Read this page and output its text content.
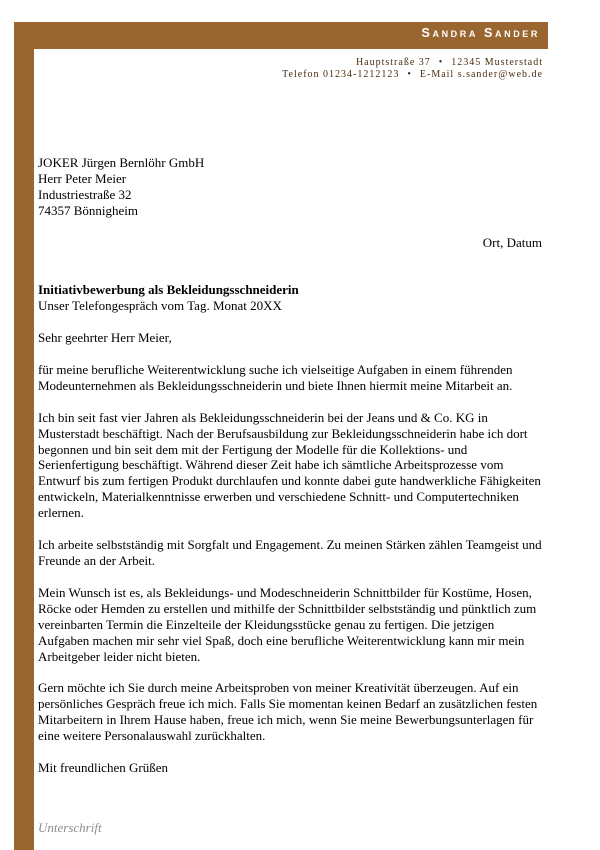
Sandra Sander
Hauptstraße 37 • 12345 Musterstadt
Telefon 01234-1212123 • E-Mail s.sander@web.de
JOKER Jürgen Bernlöhr GmbH
Herr Peter Meier
Industriestraße 32
74357 Bönnigheim
Ort, Datum
Initiativbewerbung als Bekleidungsschneiderin
Unser Telefongespräch vom Tag. Monat 20XX

Sehr geehrter Herr Meier,

für meine berufliche Weiterentwicklung suche ich vielseitige Aufgaben in einem führenden Modeunternehmen als Bekleidungsschneiderin und biete Ihnen hiermit meine Mitarbeit an.

Ich bin seit fast vier Jahren als Bekleidungsschneiderin bei der Jeans und & Co. KG in Musterstadt beschäftigt. Nach der Berufsausbildung zur Bekleidungsschneiderin habe ich dort begonnen und bin seit dem mit der Fertigung der Modelle für die Kollektions- und Serienfertigung beschäftigt. Während dieser Zeit habe ich sämtliche Arbeitsprozesse vom Entwurf bis zum fertigen Produkt durchlaufen und konnte dabei gute handwerkliche Fähigkeiten entwickeln, Materialkenntnisse erwerben und verschiedene Schnitt- und Computertechniken erlernen.

Ich arbeite selbstständig mit Sorgfalt und Engagement. Zu meinen Stärken zählen Teamgeist und Freunde an der Arbeit.

Mein Wunsch ist es, als Bekleidungs- und Modeschneiderin Schnittbilder für Kostüme, Hosen, Röcke oder Hemden zu erstellen und mithilfe der Schnittbilder selbstständig und pünktlich zum vereinbarten Termin die Einzelteile der Kleidungsstücke genau zu fertigen. Die jetzigen Aufgaben machen mir sehr viel Spaß, doch eine berufliche Weiterentwicklung kann mir mein Arbeitgeber leider nicht bieten.

Gern möchte ich Sie durch meine Arbeitsproben von meiner Kreativität überzeugen. Auf ein persönliches Gespräch freue ich mich. Falls Sie momentan keinen Bedarf an zusätzlichen festen Mitarbeitern in Ihrem Hause haben, freue ich mich, wenn Sie meine Bewerbungsunterlagen für eine weitere Personalauswahl zurückhalten.

Mit freundlichen Grüßen

Unterschrift
